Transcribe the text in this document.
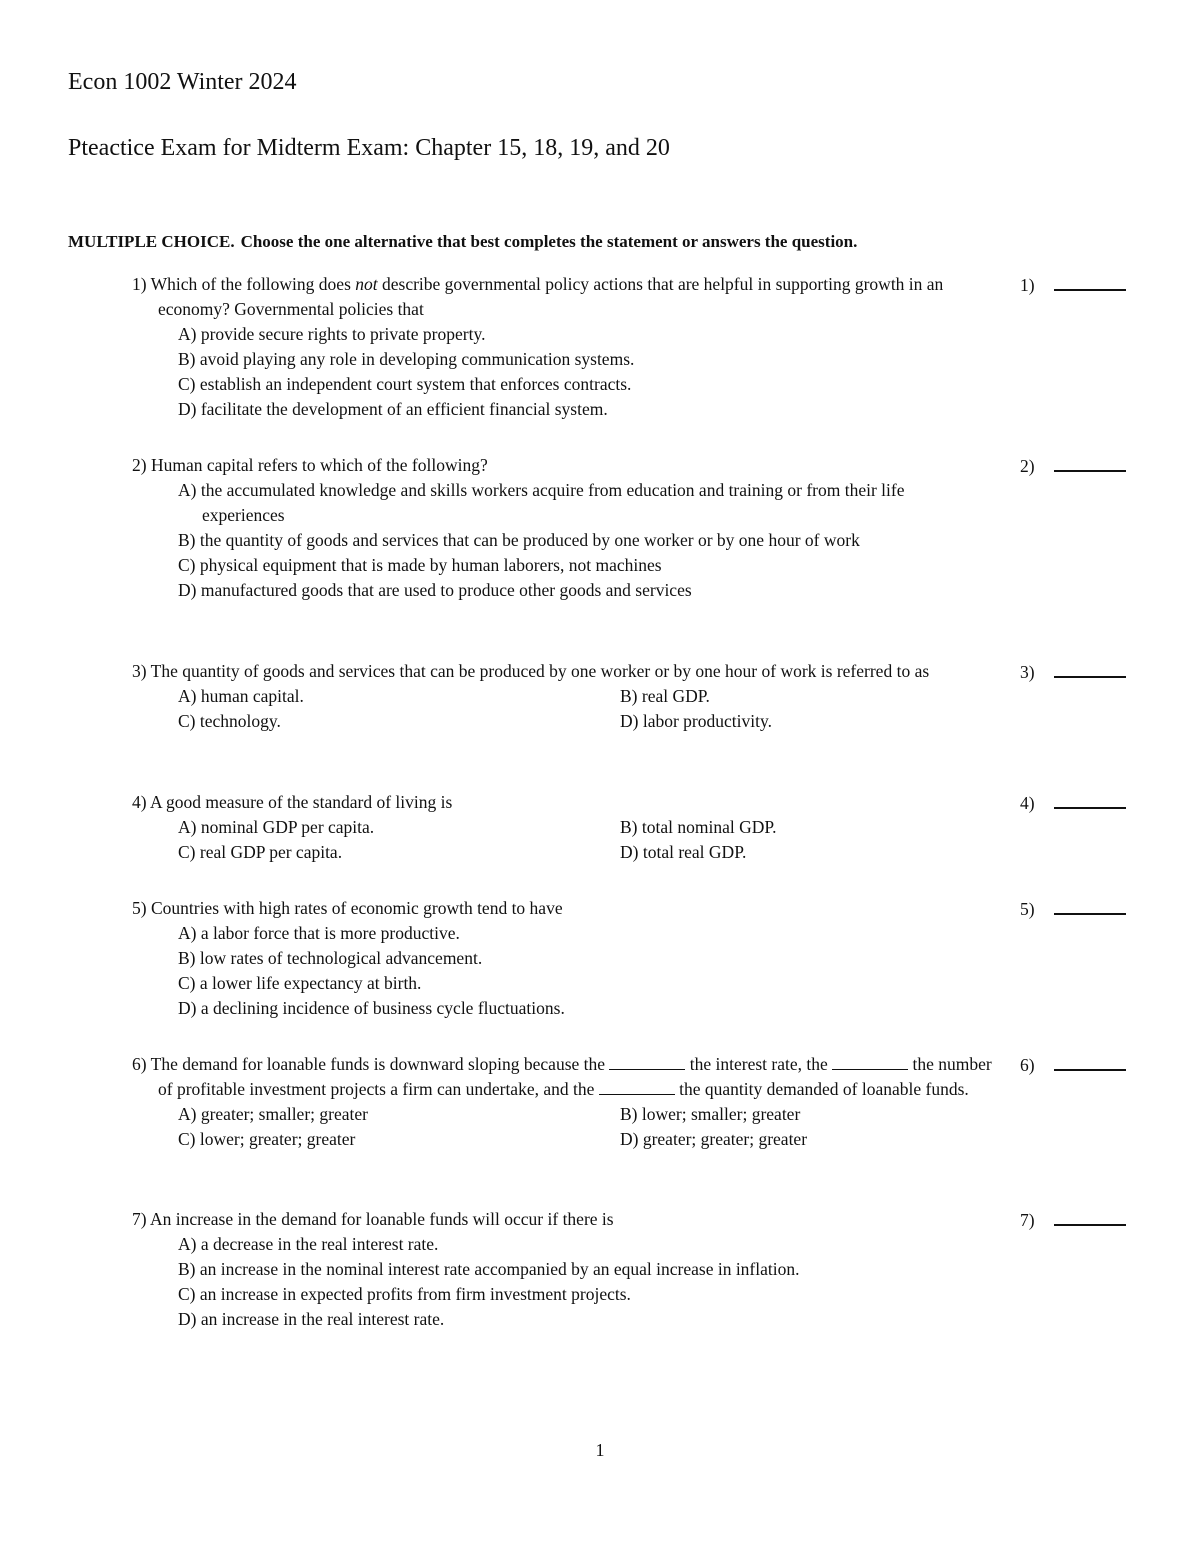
Econ 1002 Winter 2024
Pteactice Exam for Midterm Exam: Chapter 15, 18, 19, and 20
MULTIPLE CHOICE. Choose the one alternative that best completes the statement or answers the question.
1) Which of the following does not describe governmental policy actions that are helpful in supporting growth in an economy? Governmental policies that
A) provide secure rights to private property.
B) avoid playing any role in developing communication systems.
C) establish an independent court system that enforces contracts.
D) facilitate the development of an efficient financial system.
1)
2) Human capital refers to which of the following?
A) the accumulated knowledge and skills workers acquire from education and training or from their life experiences
B) the quantity of goods and services that can be produced by one worker or by one hour of work
C) physical equipment that is made by human laborers, not machines
D) manufactured goods that are used to produce other goods and services
2)
3) The quantity of goods and services that can be produced by one worker or by one hour of work is referred to as
A) human capital.	B) real GDP.
C) technology.	D) labor productivity.
3)
4) A good measure of the standard of living is
A) nominal GDP per capita.	B) total nominal GDP.
C) real GDP per capita.	D) total real GDP.
4)
5) Countries with high rates of economic growth tend to have
A) a labor force that is more productive.
B) low rates of technological advancement.
C) a lower life expectancy at birth.
D) a declining incidence of business cycle fluctuations.
5)
6) The demand for loanable funds is downward sloping because the	the interest rate, the	the number of profitable investment projects a firm can undertake, and the	the quantity demanded of loanable funds.
A) greater; smaller; greater	B) lower; smaller; greater
C) lower; greater; greater	D) greater; greater; greater
6)
7) An increase in the demand for loanable funds will occur if there is
A) a decrease in the real interest rate.
B) an increase in the nominal interest rate accompanied by an equal increase in inflation.
C) an increase in expected profits from firm investment projects.
D) an increase in the real interest rate.
7)
1
